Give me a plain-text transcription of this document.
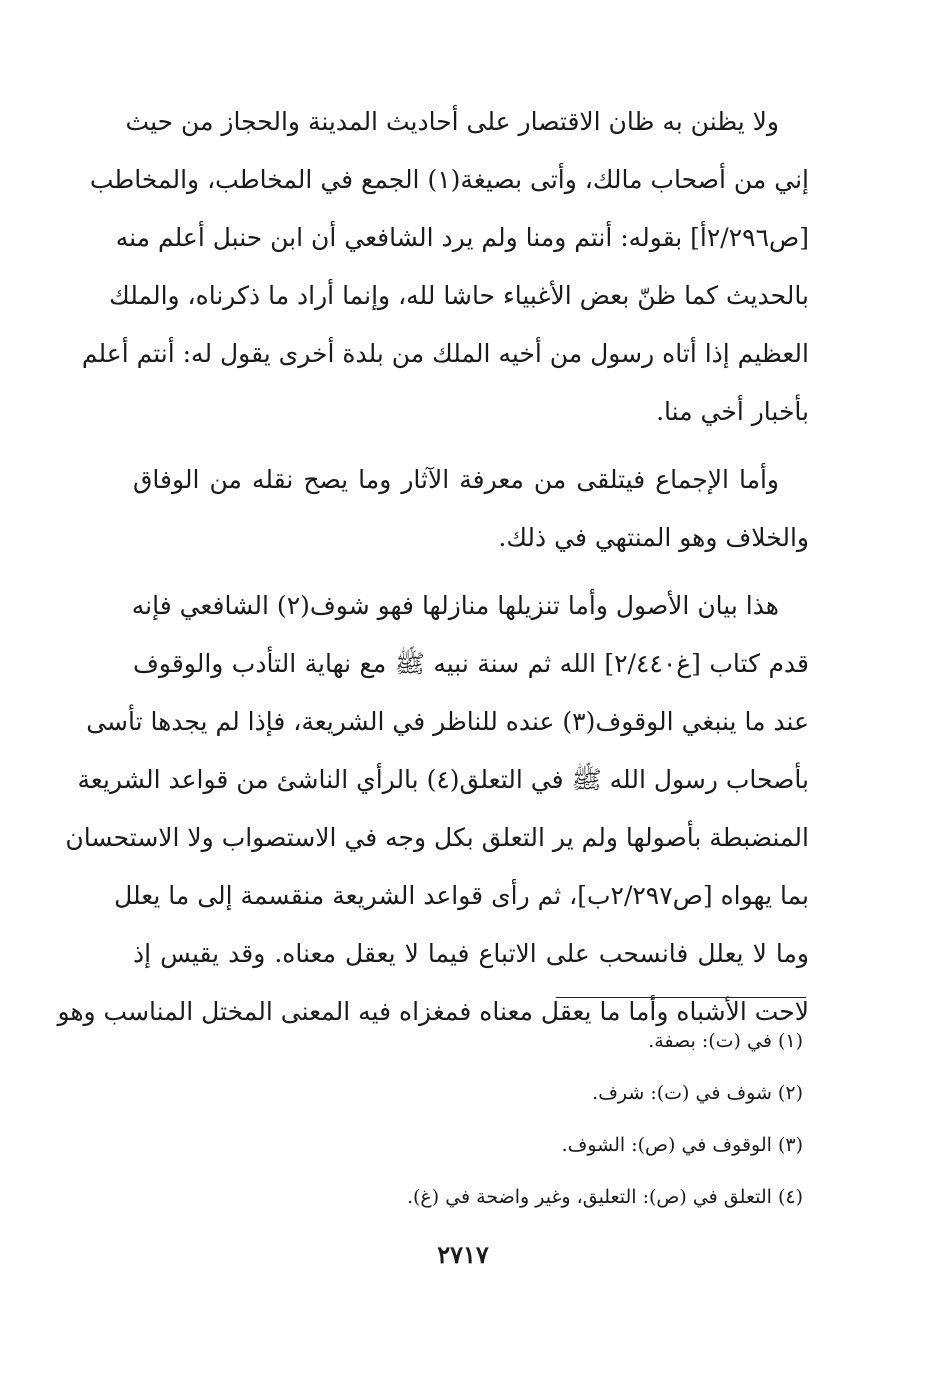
ولا يظنن به ظان الاقتصار على أحاديث المدينة والحجاز من حيث
إني من أصحاب مالك، وأتى بصيغة(١) الجمع في المخاطب، والمخاطب
[ص٢/٢٩٦أ] بقوله: أنتم ومنا ولم يرد الشافعي أن ابن حنبل أعلم منه
بالحديث كما ظنّ بعض الأغبياء حاشا لله، وإنما أراد ما ذكرناه، والملك
العظيم إذا أتاه رسول من أخيه الملك من بلدة أخرى يقول له: أنتم أعلم
بأخبار أخي منا.
وأما الإجماع فيتلقى من معرفة الآثار وما يصح نقله من الوفاق
والخلاف وهو المنتهي في ذلك.
هذا بيان الأصول وأما تنزيلها منازلها فهو شوف(٢) الشافعي فإنه
قدم كتاب [غ٢/٤٤٠] الله ثم سنة نبيه ﷺ مع نهاية التأدب والوقوف
عند ما ينبغي الوقوف(٣) عنده للناظر في الشريعة، فإذا لم يجدها تأسى
بأصحاب رسول الله ﷺ في التعلق(٤) بالرأي الناشئ من قواعد الشريعة
المنضبطة بأصولها ولم ير التعلق بكل وجه في الاستصواب ولا الاستحسان
بما يهواه [ص٢/٢٩٧ب]، ثم رأى قواعد الشريعة منقسمة إلى ما يعلل
وما لا يعلل فانسحب على الاتباع فيما لا يعقل معناه. وقد يقيس إذ
لاحت الأشباه وأما ما يعقل معناه فمغزاه فيه المعنى المختل المناسب وهو
(١) في (ت): بصفة.
(٢) شوف في (ت): شرف.
(٣) الوقوف في (ص): الشوف.
(٤) التعلق في (ص): التعليق، وغير واضحة في (غ).
٢٧١٧
